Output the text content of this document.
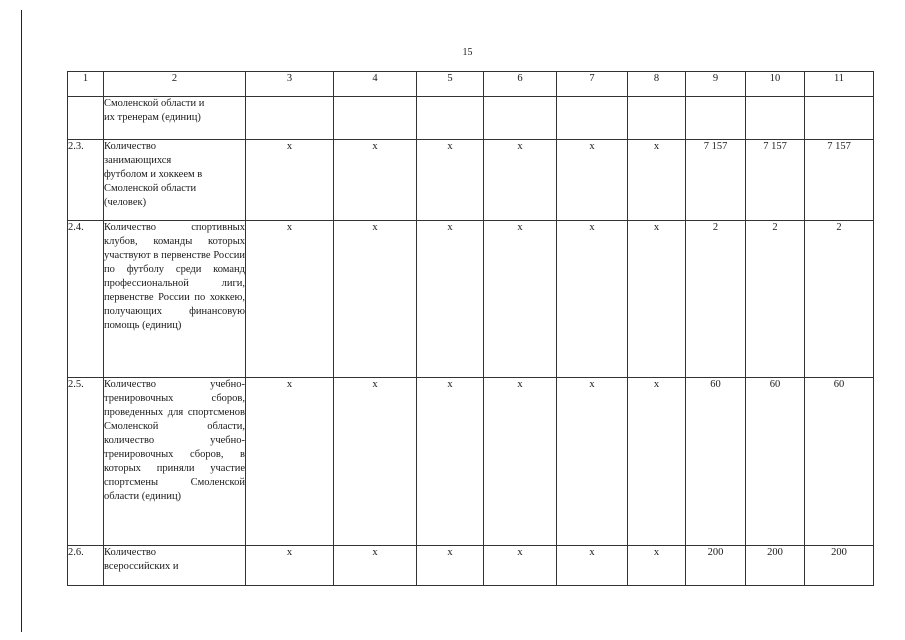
15
1	2	3	4	5	6	7	8	9	10	11
	Смоленской области и
их тренерам (единиц)									
2.3.	Количество
занимающихся
футболом и хоккеем в
Смоленской области
(человек)	х	х	х	х	х	х	7 157	7 157	7 157
2.4.	Количество спортивных клубов, команды которых участвуют в первенстве России по футболу среди команд профессиональной лиги, первенстве России по хоккею, получающих финансовую помощь (единиц)	х	х	х	х	х	х	2	2	2
2.5.	Количество учебно-тренировочных сборов, проведенных для спортсменов Смоленской области, количество учебно-тренировочных сборов, в которых приняли участие спортсмены Смоленской области (единиц)	х	х	х	х	х	х	60	60	60
2.6.	Количество
всероссийских и	х	х	х	х	х	х	200	200	200
